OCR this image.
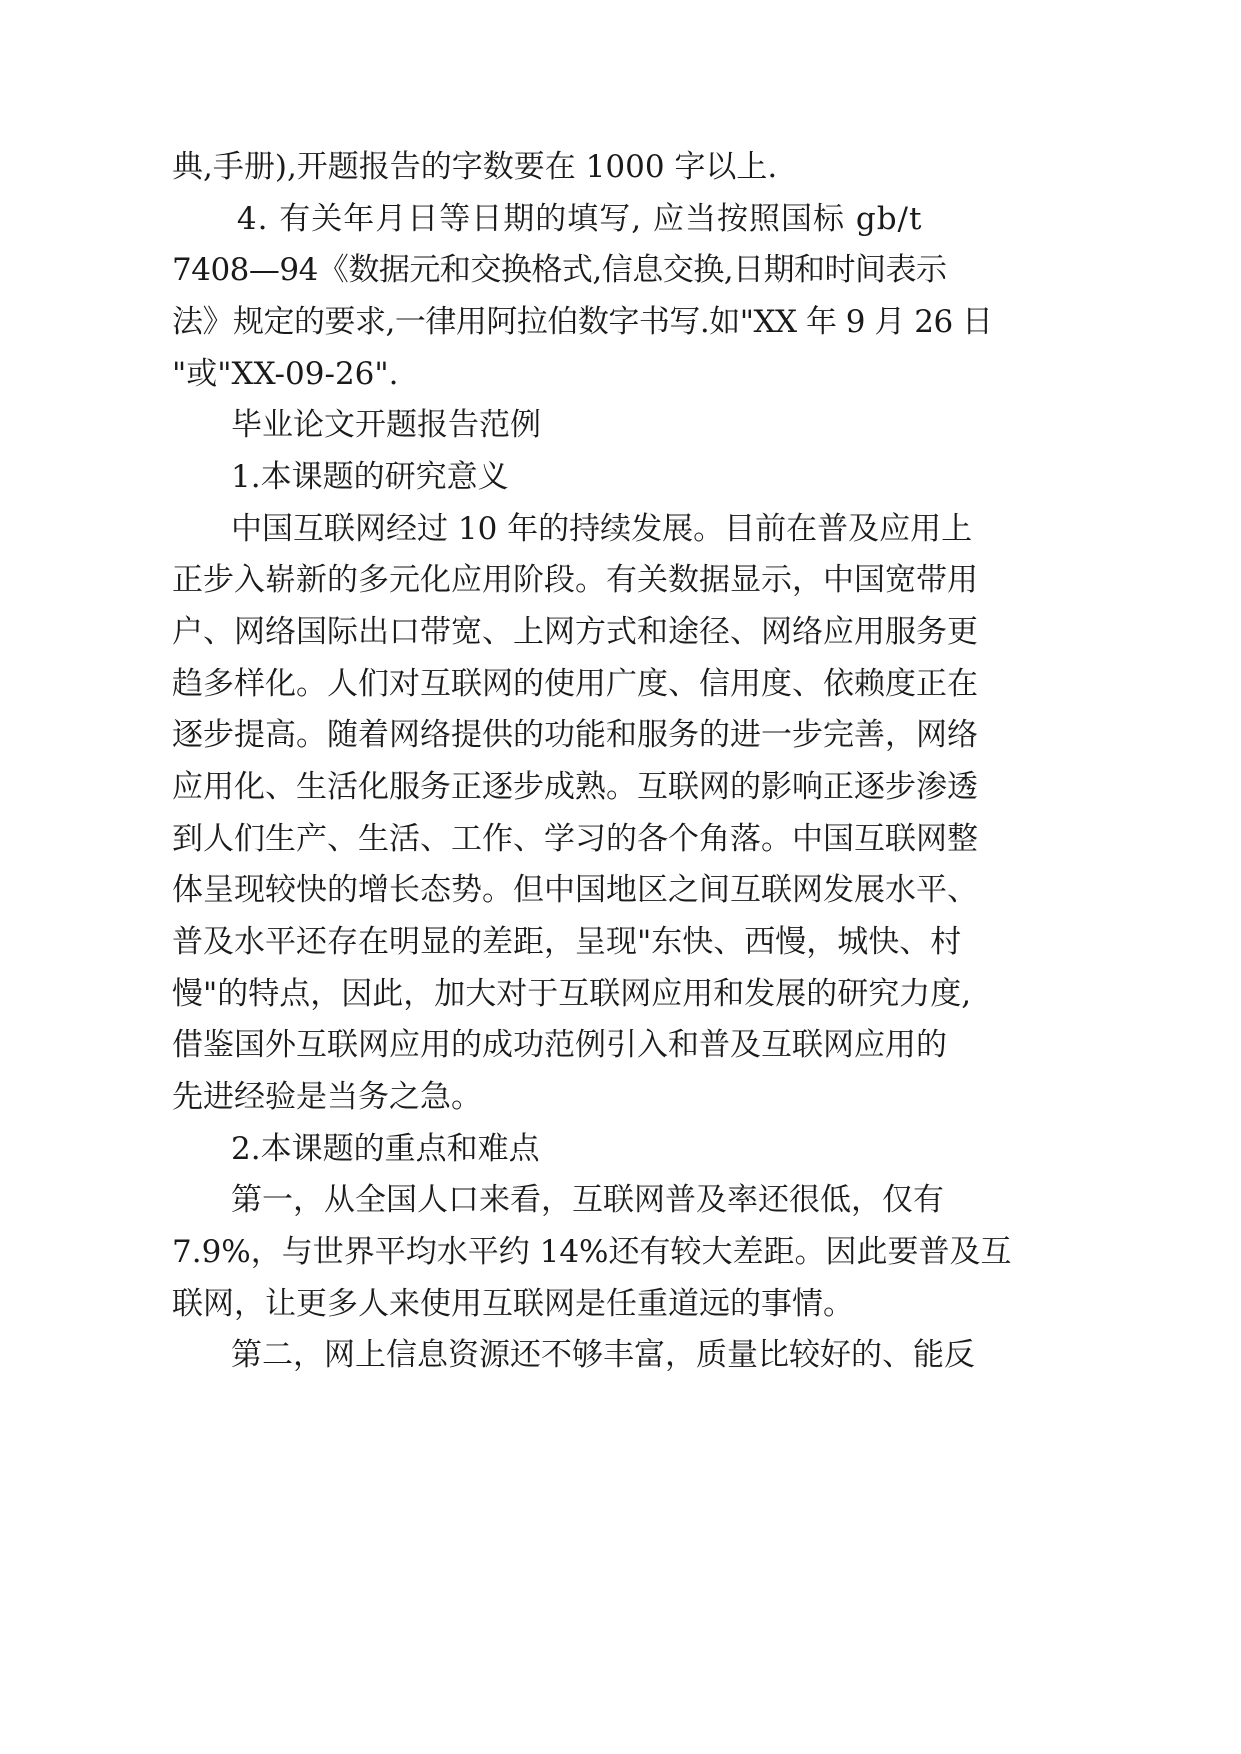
典,手册),开题报告的字数要在 1000 字以上.
4. 有关年月日等日期的填写, 应当按照国标 gb/t
7408—94《数据元和交换格式,信息交换,日期和时间表示
法》规定的要求,一律用阿拉伯数字书写.如"XX 年 9 月 26 日
"或"XX-09-26".
毕业论文开题报告范例
1.本课题的研究意义
中国互联网经过 10 年的持续发展。目前在普及应用上
正步入崭新的多元化应用阶段。有关数据显示，中国宽带用
户、网络国际出口带宽、上网方式和途径、网络应用服务更
趋多样化。人们对互联网的使用广度、信用度、依赖度正在
逐步提高。随着网络提供的功能和服务的进一步完善，网络
应用化、生活化服务正逐步成熟。互联网的影响正逐步渗透
到人们生产、生活、工作、学习的各个角落。中国互联网整
体呈现较快的增长态势。但中国地区之间互联网发展水平、
普及水平还存在明显的差距，呈现"东快、西慢，城快、村
慢"的特点，因此，加大对于互联网应用和发展的研究力度,
借鉴国外互联网应用的成功范例引入和普及互联网应用的
先进经验是当务之急。
2.本课题的重点和难点
第一，从全国人口来看，互联网普及率还很低，仅有
7.9%，与世界平均水平约 14%还有较大差距。因此要普及互
联网，让更多人来使用互联网是任重道远的事情。
第二，网上信息资源还不够丰富，质量比较好的、能反
